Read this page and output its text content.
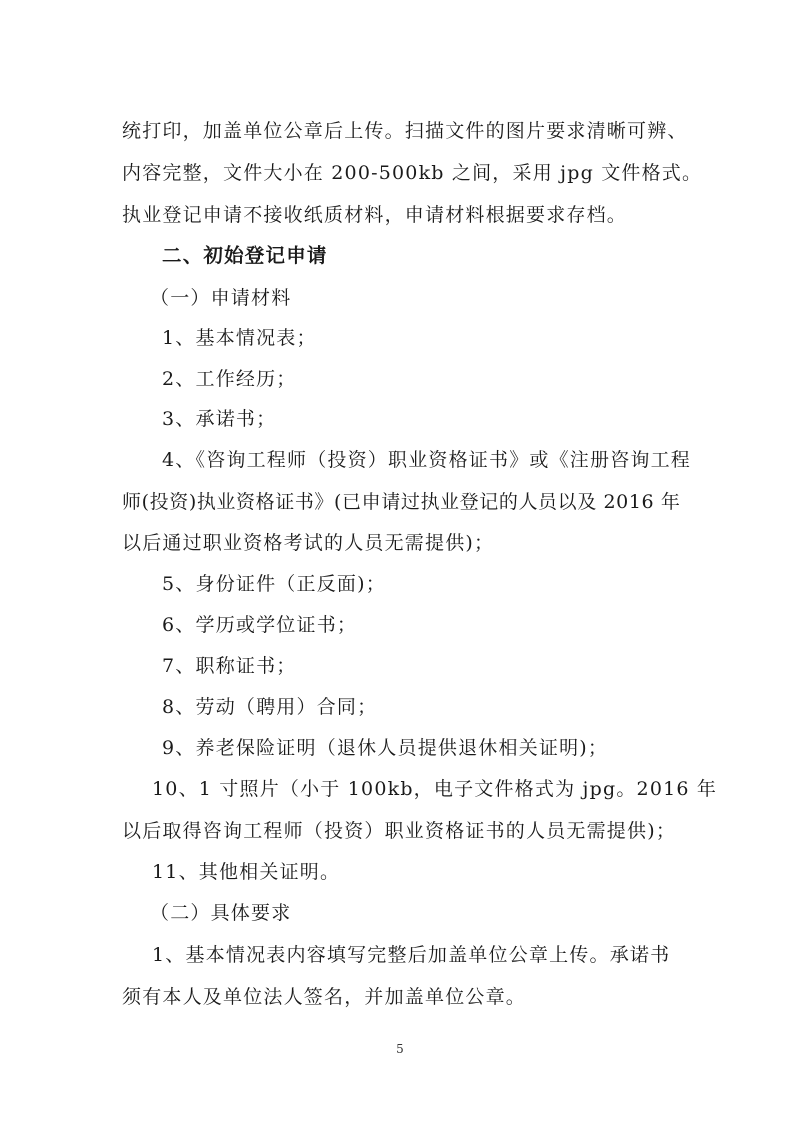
统打印，加盖单位公章后上传。扫描文件的图片要求清晰可辨、
内容完整，文件大小在 200-500kb 之间，采用 jpg 文件格式。
执业登记申请不接收纸质材料，申请材料根据要求存档。
二、初始登记申请
（一）申请材料
1、基本情况表；
2、工作经历；
3、承诺书；
4、《咨询工程师（投资）职业资格证书》或《注册咨询工程
师(投资)执业资格证书》(已申请过执业登记的人员以及 2016 年
以后通过职业资格考试的人员无需提供)；
5、身份证件（正反面)；
6、学历或学位证书；
7、职称证书；
8、劳动（聘用）合同；
9、养老保险证明（退休人员提供退休相关证明)；
10、1 寸照片（小于 100kb，电子文件格式为 jpg。2016 年
以后取得咨询工程师（投资）职业资格证书的人员无需提供)；
11、其他相关证明。
（二）具体要求
1、基本情况表内容填写完整后加盖单位公章上传。承诺书
须有本人及单位法人签名，并加盖单位公章。
5
